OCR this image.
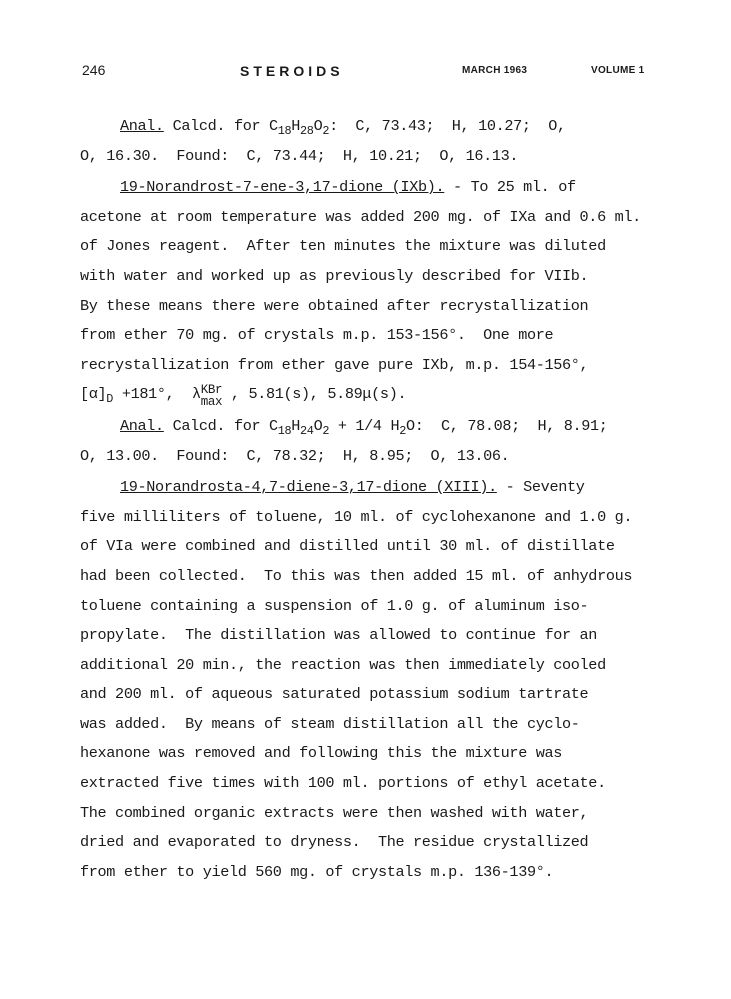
246	STEROIDS	MARCH 1963	VOLUME 1
Anal. Calcd. for $C_{18}H_{28}O_2$:  C, 73.43;  H, 10.27;  O,
O, 16.30.  Found:  C, 73.44;  H, 10.21;  O, 16.13.
19-Norandrost-7-ene-3,17-dione (IXb). - To 25 ml. of
acetone at room temperature was added 200 mg. of IXa and 0.6 ml.
of Jones reagent.  After ten minutes the mixture was diluted
with water and worked up as previously described for VIIb.
By these means there were obtained after recrystallization
from ether 70 mg. of crystals m.p. 153-156°.  One more
recrystallization from ether gave pure IXb, m.p. 154-156°,
$[\alpha]_D +181^\circ$,  λ KBr
max , 5.81(s), 5.89μ(s).
Anal. Calcd. for $C_{18}H_{24}O_2 + 1/4$ $H_2O$:  C, 78.08;  H, 8.91;
O, 13.00.  Found:  C, 78.32;  H, 8.95;  O, 13.06.
19-Norandrosta-4,7-diene-3,17-dione (XIII). - Seventy
five milliliters of toluene, 10 ml. of cyclohexanone and 1.0 g.
of VIa were combined and distilled until 30 ml. of distillate
had been collected.  To this was then added 15 ml. of anhydrous
toluene containing a suspension of 1.0 g. of aluminum iso-
propylate.  The distillation was allowed to continue for an
additional 20 min., the reaction was then immediately cooled
and 200 ml. of aqueous saturated potassium sodium tartrate
was added.  By means of steam distillation all the cyclo-
hexanone was removed and following this the mixture was
extracted five times with 100 ml. portions of ethyl acetate.
The combined organic extracts were then washed with water,
dried and evaporated to dryness.  The residue crystallized
from ether to yield 560 mg. of crystals m.p. 136-139°.
